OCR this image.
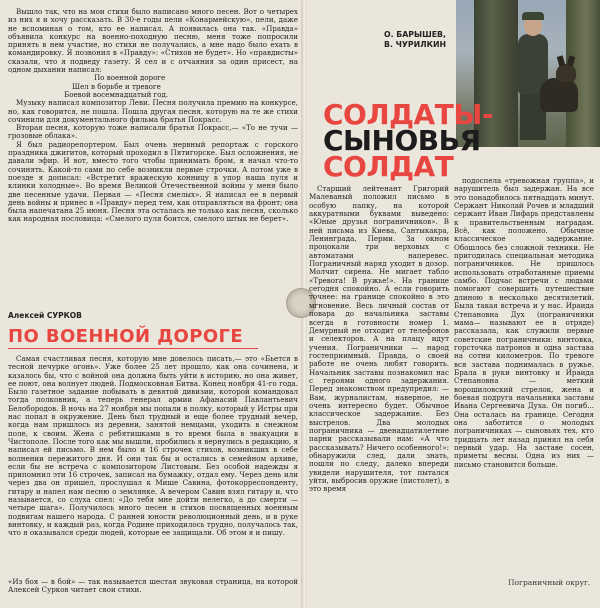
Вышло так, что на мои стихи было написано много песен. Вот о четырех из них я и хочу рассказать. В 30-е годы пели «Конармейскую», пели, даже не вспоминая о том, кто ее написал. А появилась она так. «Правда» объявила конкурс на военно-походную песню, меня тоже попросили принять в нем участие, но стихи не получались, а мне надо было ехать в командировку. Я позвонил в «Правду»: «Стихов не будет». Но «правдисты» сказали, что я подведу газету. Я сел и с отчаяния за один присест, на одном дыхании написал:

По военной дороге

Шел в борьбе и тревоге

Боевой восемнадцатый год.

Музыку написал композитор Леви. Песня получила премию на конкурсе, но, как говорится, не пошла. Пошла другая песня, которую на те же стихи сочинили для документального фильма братья Покрасс.

Вторая песня, которую тоже написали братья Покрасс,— «То не тучи — грозовые облака».

Я был радиорепортером. Был очень нервный репортаж с горского праздника джигитов, который проходил в Пятигорске. Был осложнения, не давали эфир. И вот, вместо того чтобы принимать бром, я начал что-то сочинять. Какой-то сами по себе возникли первые строчки. А потом уже в поезде я дописал: «Встретит вражескую конницу в упор наша пуля и клинки холодные». Во время Великой Отечественной войны у меня было две песенные удачи. Первая — «Песня смелых». Я написал ее в первый день войны и принес в «Правду» перед тем, как отправляться на фронт; она была напечатана 25 июня. Песня эта осталась не только как песня, сколько как народная пословица: «Смелого пуля боится, смелого штык не берет».

Алексей СУРКОВ
ПО ВОЕННОЙ ДОРОГЕ

Самая счастливая песня, которую мне довелось писать,— это «Бьется в тесной печурке огонь». Уже более 25 лет прошло, как она сочинена, и казалось бы, что с войной она должна быть уйти в историю, но она живет, ее поют, она волнует людей. Подмосковная Битва. Конец ноября 41-го года. Было газетное задание побывать в девятой дивизии, которой командовал тогда полковник, а теперь генерал армии Афанасий Павлантьевич Белобородов. В ночь на 27 ноября мы попали в полку, который у Истры при нас попал в окружение. День был трудный и еще более трудный вечер, когда нам пришлось из деревни, занятой немцами, уходить в снежном поле, к своим. Жена с ребятишками в то время была в эвакуации в Чистополе. После того как мы вышли, пробились я вернулись в редакцию, я написал ей письмо. В нем было и 16 строчек стихов, возникших в себе волнении пережитого дня. И они так бы и остались в семейном архиве, если бы не встреча с композитором Листовым. Без особой надежды я припомнил эти 16 строчек, записал на бумажку, отдал ему. Через день или через два он пришел, прослушал к Мише Савина, фотокорреспонденту, гитару и напел нам песню о землянке. А вечером Савин взял гитару и, что называется, со слуха спел: «До тебя мне дойти нелегко, а до смерти — четыре шага». Получилось много песен и стихов посвященных военным подвигам нашего народа. С ранней юности революционный день, и в руке винтовку, и каждый раз, когда Родине приходилось трудно, получалось так, что я оказывался среди людей, которые ее защищали. Об этом я и пишу.

«Из боя — в бой» — так называется шестая звуковая страница, на которой Алексей Сурков читает свои стихи.

О. БАРЫШЕВ,
В. ЧУРИЛКИН
СОЛДАТЫ-
СЫНОВЬЯ
СОЛДАТ

Старший лейтенант Григорий Малеваный положил письмо в особую папку, на которой аккуратными буквами выведено: «Юные друзья пограничников». В ней письма из Киева, Сантыкакра, Ленинграда, Перми. За окном процокали три верховых с автоматами наперевес. Пограничный наряд уходит в дозор. Молчит сирена. Не мигает табло «Тревога! В ружье!». На границе сегодня спокойно. А если говорить точнее: на границе спокойно в это мгновение. Весь личный состав от повара до начальника заставы всегда в готовности номер 1. Демурный не отходит от телефонов и селекторов. А на плацу идут учения. Пограничники — народ гостеприимный. Правда, о своей работе не очень любят говорить. Начальник заставы познакомил нас с героями одного задержания. Перед знакомством предупредил: — Вам, журналистам, наверное, не очень интересно будет. Обычное классическое задержание. Без выстрелов. Два молодых пограничника — двенадцатилетние парни рассказывали нам: «А что рассказывать? Ничего особенного!»: обнаружили след, дали знать, пошли по следу, далеко впереди увидели нарушителя, тот пытался уйти, выбросив оружие (пистолет), в это время

подоспела «тревожная группа», и нарушитель был задержан. На все это понадобилось пятнадцать минут. Сержант Николай Рочев и младший сержант Иван Лифарь представлены к правительственным наградам. Всё, как положено. Обычное классическое задержание. Обошлось без сложной техники. Не пригодилась специальная методика пограничников. Не пришлось использовать отработанные приемы самбо. Подчас встречи с людьми помогают совершить путешествие длиною в несколько десятилетий. Была такая встреча и у нас. Ираида Степановна Дух (пограничники мама— называют ее в отряде) рассказала, как служили первые советские пограничники: винтовка, горсточка патронов и одна застава на сотни километров. По тревоге вся застава поднималась в ружье. Брала в руки винтовку и Ираида Степановна — меткий ворошиловский стрелок, жена и боевая подруга начальника заставы Ивана Сергеевича Духа. Он погиб... Она осталась на границе. Сегодня она заботится о молодых пограничниках — сыновьях тех, кто тридцать лет назад принял на себя первый удар. На заставе сосен, приметы весны. Одна из них — письмо становится больше.

Пограничный округ.
